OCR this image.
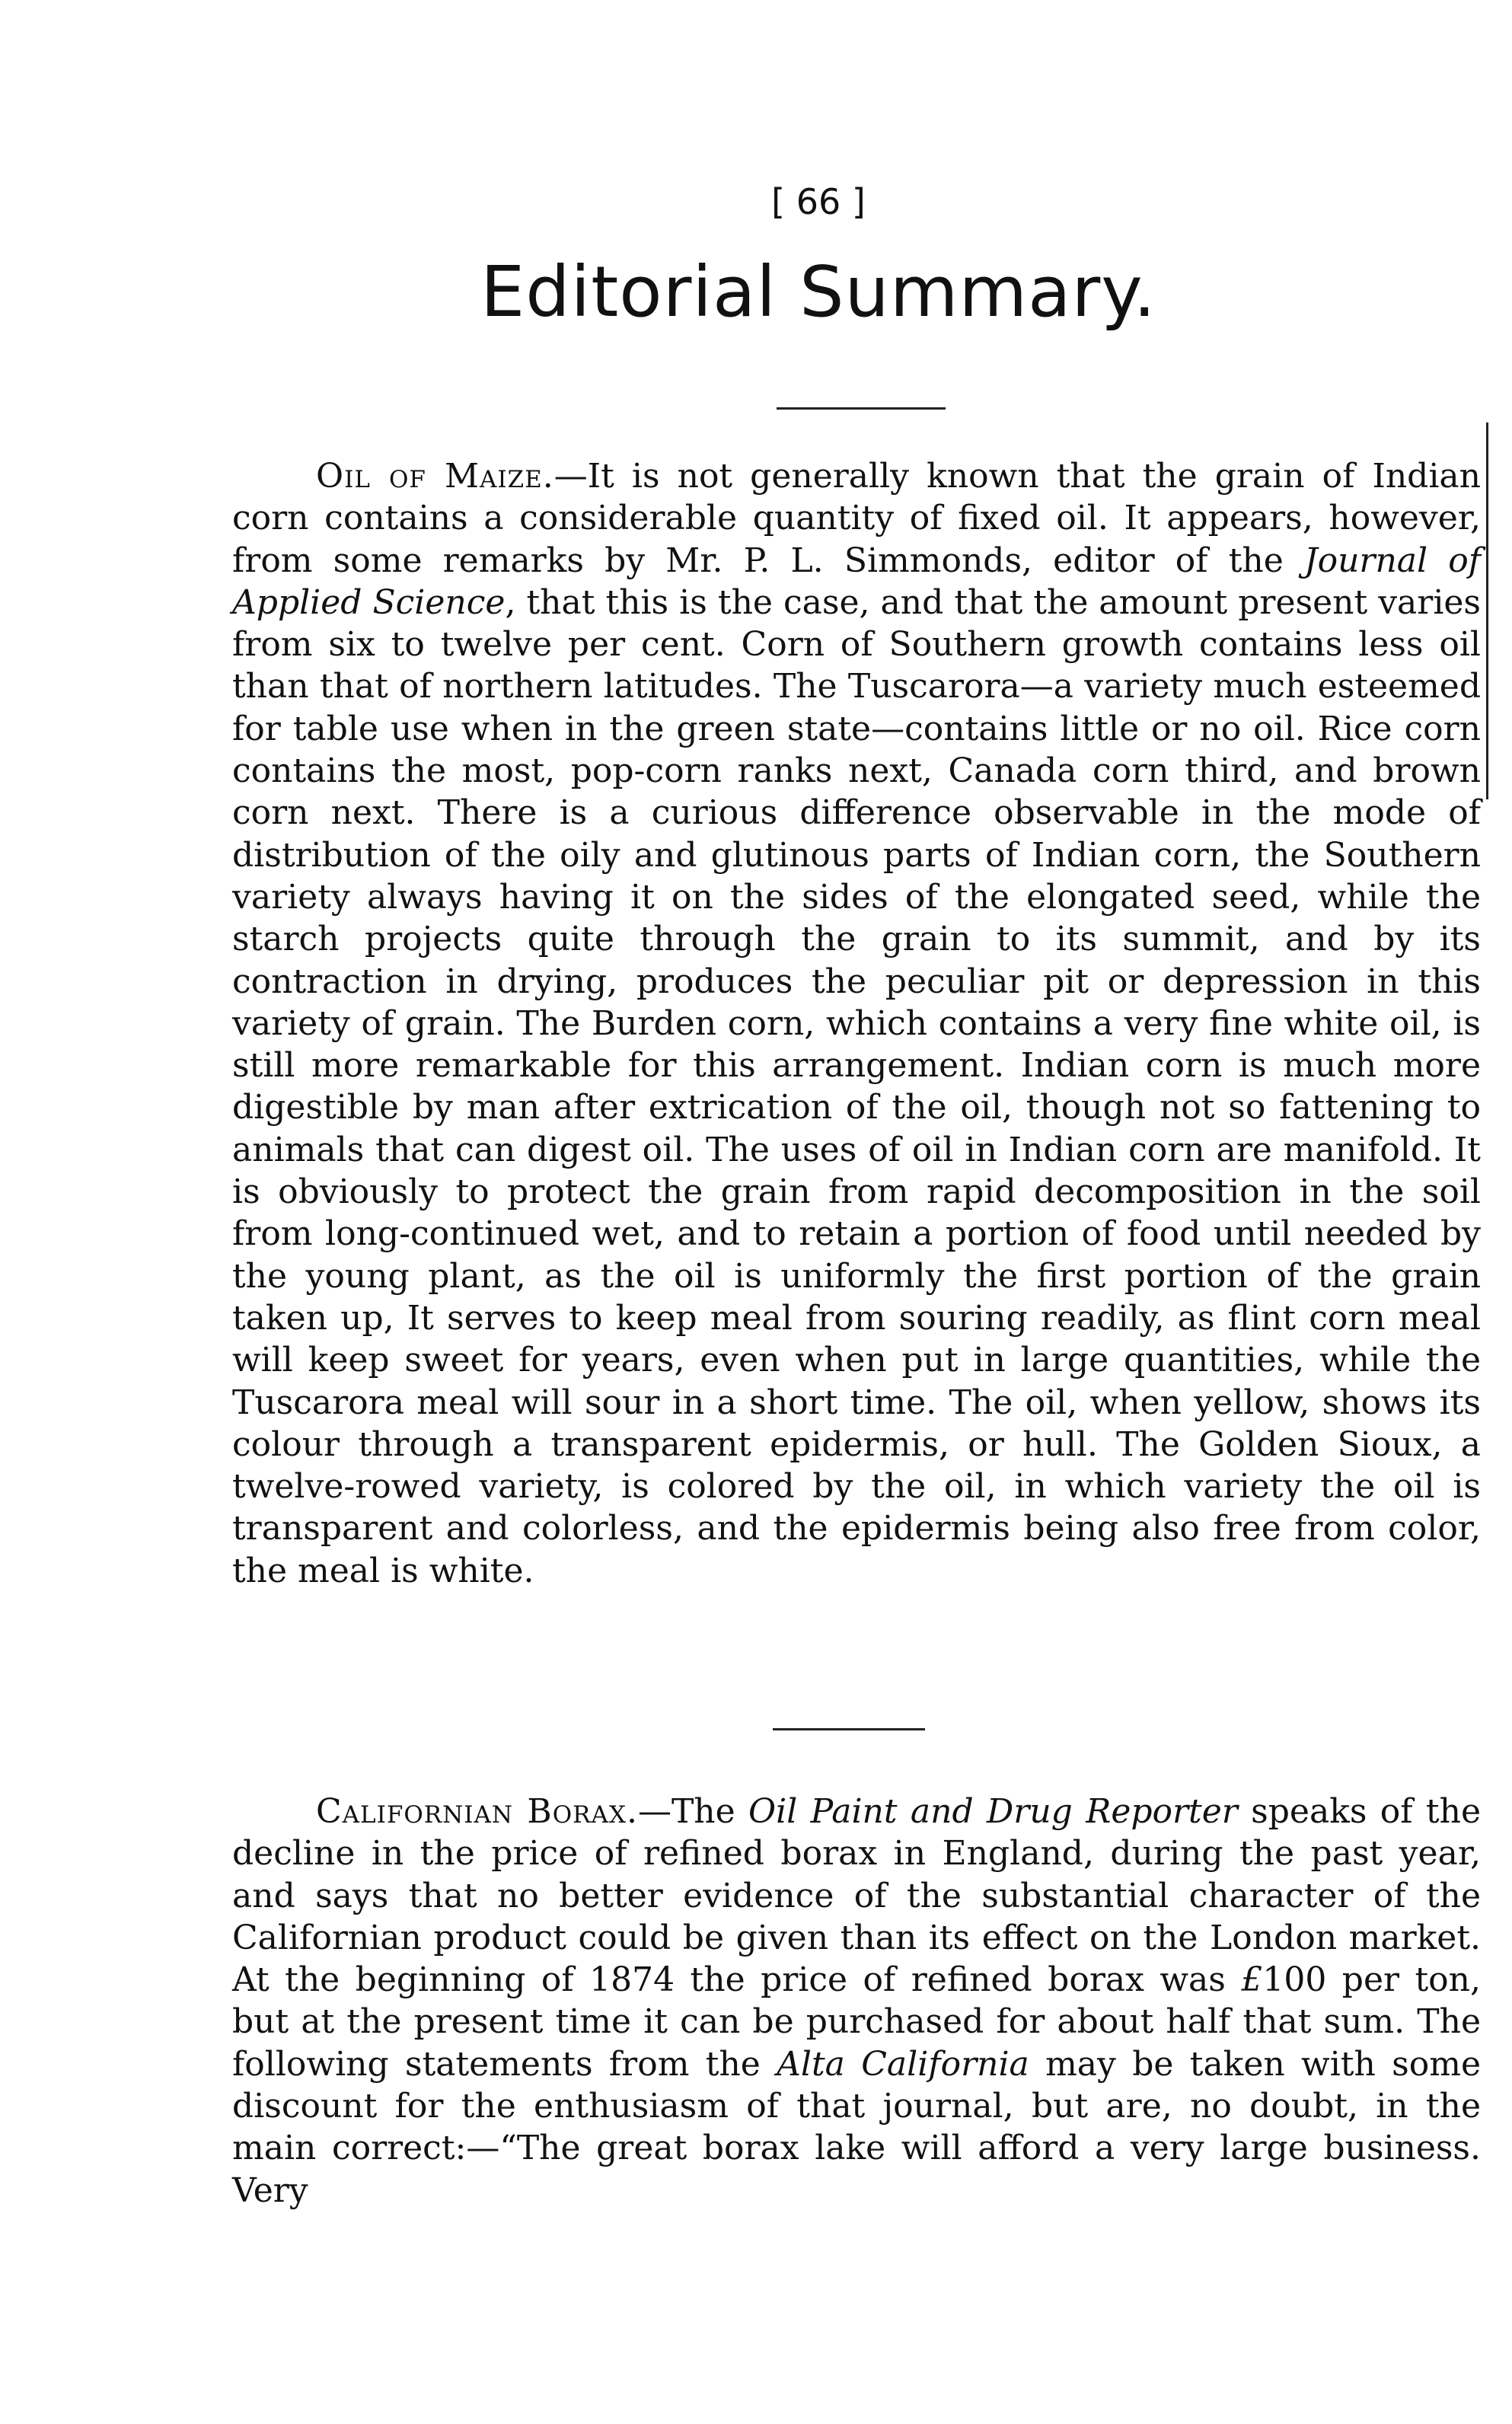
[ 66 ]
Editorial Summary.
Oil of Maize.—It is not generally known that the grain of Indian corn contains a considerable quantity of fixed oil. It appears, however, from some remarks by Mr. P. L. Simmonds, editor of the Journal of Applied Science, that this is the case, and that the amount present varies from six to twelve per cent. Corn of Southern growth contains less oil than that of northern latitudes. The Tuscarora—a variety much esteemed for table use when in the green state—contains little or no oil. Rice corn contains the most, pop-corn ranks next, Canada corn third, and brown corn next. There is a curious difference observable in the mode of distribution of the oily and glutinous parts of Indian corn, the Southern variety always having it on the sides of the elongated seed, while the starch projects quite through the grain to its summit, and by its contraction in drying, produces the peculiar pit or depression in this variety of grain. The Burden corn, which contains a very fine white oil, is still more remarkable for this arrangement. Indian corn is much more digestible by man after extrication of the oil, though not so fattening to animals that can digest oil. The uses of oil in Indian corn are manifold. It is obviously to protect the grain from rapid decomposition in the soil from long-continued wet, and to retain a portion of food until needed by the young plant, as the oil is uniformly the first portion of the grain taken up, It serves to keep meal from souring readily, as flint corn meal will keep sweet for years, even when put in large quantities, while the Tuscarora meal will sour in a short time. The oil, when yellow, shows its colour through a transparent epidermis, or hull. The Golden Sioux, a twelve-rowed variety, is colored by the oil, in which variety the oil is transparent and colorless, and the epidermis being also free from color, the meal is white.
Californian Borax.—The Oil Paint and Drug Reporter speaks of the decline in the price of refined borax in England, during the past year, and says that no better evidence of the substantial character of the Californian product could be given than its effect on the London market. At the beginning of 1874 the price of refined borax was £100 per ton, but at the present time it can be purchased for about half that sum. The following statements from the Alta California may be taken with some discount for the enthusiasm of that journal, but are, no doubt, in the main correct:—“The great borax lake will afford a very large business. Very
